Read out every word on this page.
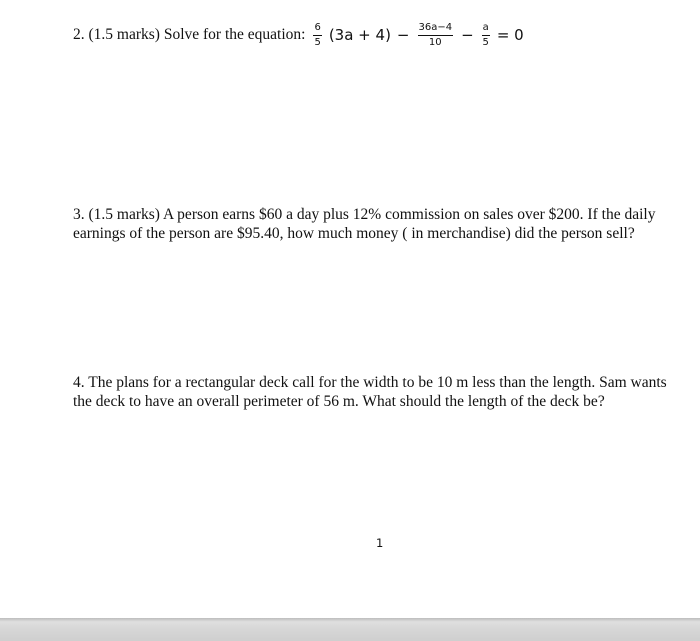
2. (1.5 marks) Solve for the equation: $\frac{6}{5} (3a + 4) - \frac{36a-4}{10} - \frac{a}{5} = 0$

3. (1.5 marks) A person earns $60 a day plus 12% commission on sales over $200. If the daily earnings of the person are $95.40, how much money ( in merchandise) did the person sell?

4. The plans for a rectangular deck call for the width to be 10 m less than the length. Sam wants the deck to have an overall perimeter of 56 m. What should the length of the deck be?

1
